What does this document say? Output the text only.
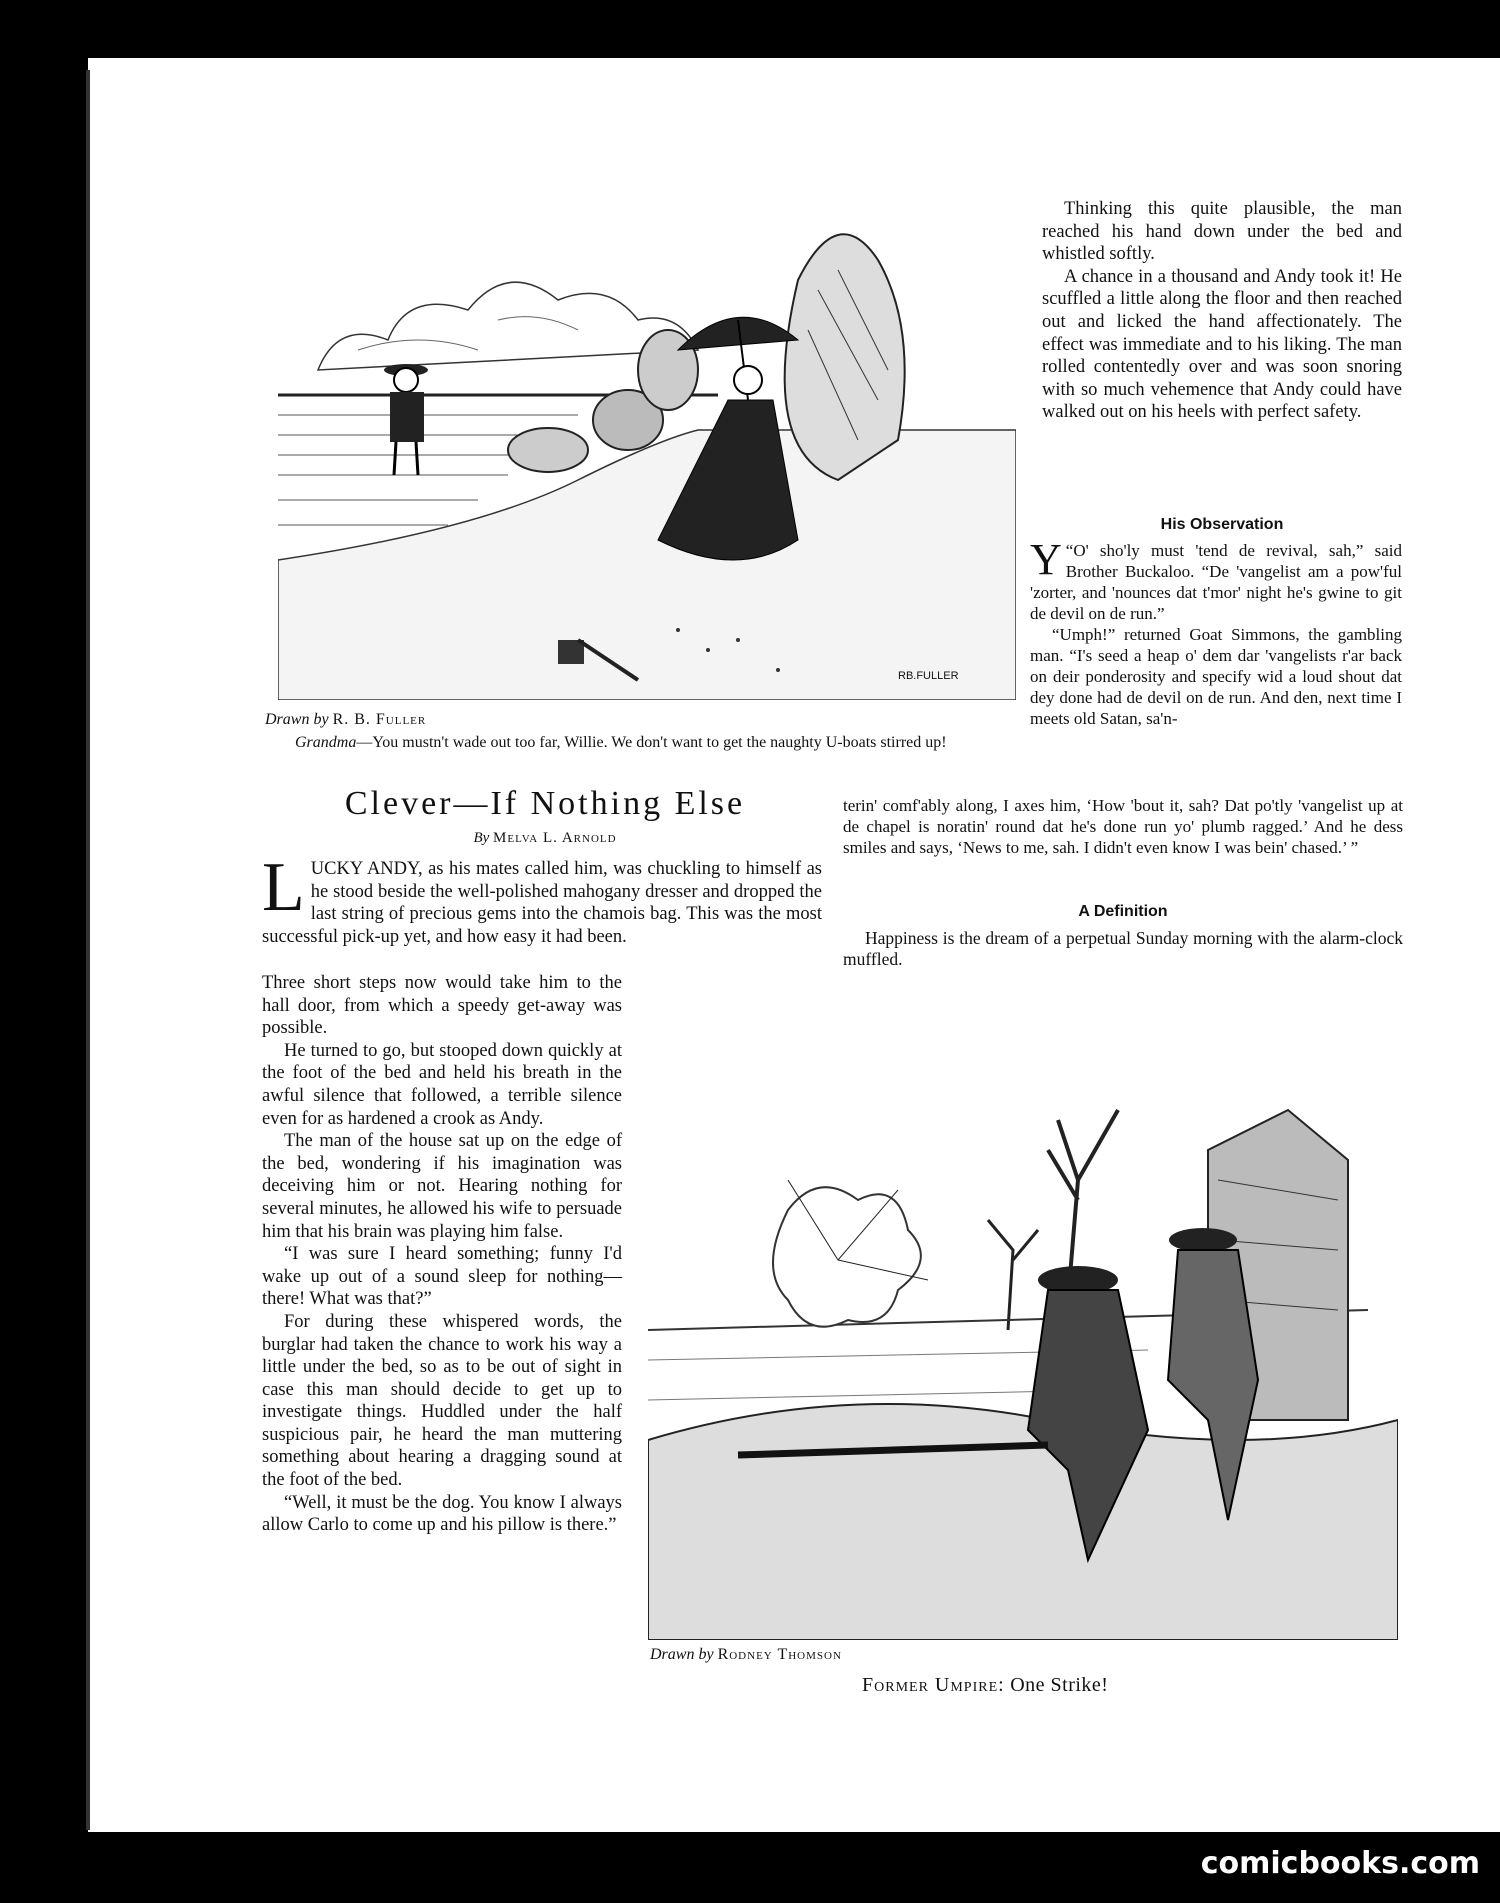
RB.FULLER
Drawn by R. B. Fuller
Grandma—You mustn't wade out too far, Willie. We don't want to get the naughty U-boats stirred up!

Thinking this quite plausible, the man reached his hand down under the bed and whistled softly.

A chance in a thousand and Andy took it! He scuffled a little along the floor and then reached out and licked the hand affectionately. The effect was immediate and to his liking. The man rolled contentedly over and was soon snoring with so much vehemence that Andy could have walked out on his heels with perfect safety.

His Observation

“
Y O' sho'ly must 'tend de revival, sah,” said Brother Buckaloo. “De 'vangelist am a pow'ful 'zorter, and 'nounces dat t'mor' night he's gwine to git de devil on de run.”

“Umph!” returned Goat Simmons, the gambling man. “I's seed a heap o' dem dar 'vangelists r'ar back on deir ponderosity and specify wid a loud shout dat dey done had de devil on de run. And den, next time I meets old Satan, sa'n-

terin' comf'ably along, I axes him, ‘How 'bout it, sah? Dat po'tly 'vangelist up at de chapel is noratin' round dat he's done run yo' plumb ragged.’ And he dess smiles and says, ‘News to me, sah. I didn't even know I was bein' chased.’ ”

A Definition

Happiness is the dream of a perpetual Sunday morning with the alarm-clock muffled.

Clever—If Nothing Else
By Melva L. Arnold

LUCKY ANDY, as his mates called him, was chuckling to himself as he stood beside the well-polished mahogany dresser and dropped the last string of precious gems into the chamois bag. This was the most successful pick-up yet, and how easy it had been.

Three short steps now would take him to the hall door, from which a speedy get-away was possible.

He turned to go, but stooped down quickly at the foot of the bed and held his breath in the awful silence that followed, a terrible silence even for as hardened a crook as Andy.

The man of the house sat up on the edge of the bed, wondering if his imagination was deceiving him or not. Hearing nothing for several minutes, he allowed his wife to persuade him that his brain was playing him false.

“I was sure I heard something; funny I'd wake up out of a sound sleep for nothing—there! What was that?”

For during these whispered words, the burglar had taken the chance to work his way a little under the bed, so as to be out of sight in case this man should decide to get up to investigate things. Huddled under the half suspicious pair, he heard the man muttering something about hearing a dragging sound at the foot of the bed.

“Well, it must be the dog. You know I always allow Carlo to come up and his pillow is there.”

Drawn by Rodney Thomson
Former Umpire: One Strike!
comicbooks.com
